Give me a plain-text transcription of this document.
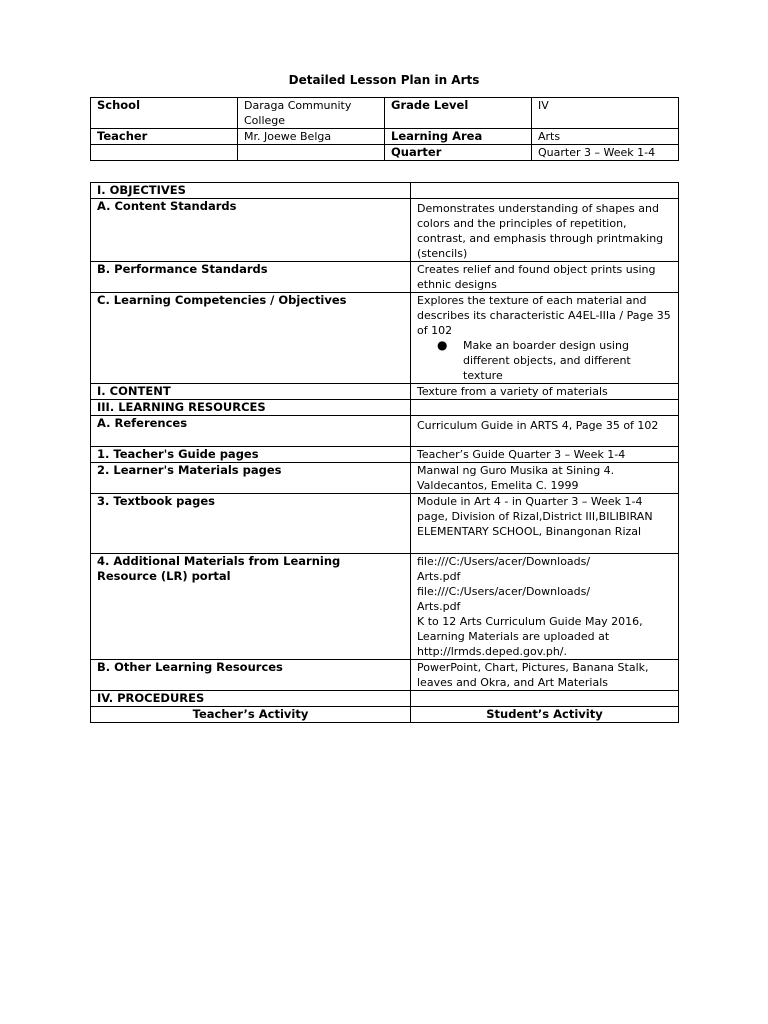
Detailed Lesson Plan in Arts
School	Daraga Community College	Grade Level	IV
Teacher	Mr. Joewe Belga	Learning Area	Arts
		Quarter	Quarter 3 – Week 1-4
I. OBJECTIVES	
A. Content Standards	Demonstrates understanding of shapes and colors and the principles of repetition, contrast, and emphasis through printmaking (stencils)
B. Performance Standards	Creates relief and found object prints using ethnic designs
C. Learning Competencies / Objectives	Explores the texture of each material and describes its characteristic A4EL-IIIa / Page 35 of 102
● Make an boarder design using different objects, and different texture

I. CONTENT	Texture from a variety of materials
III. LEARNING RESOURCES	
A. References	Curriculum Guide in ARTS 4, Page 35 of 102
1. Teacher's Guide pages	Teacher’s Guide Quarter 3 – Week 1-4
2. Learner's Materials pages	Manwal ng Guro Musika at Sining 4. Valdecantos, Emelita C. 1999
3. Textbook pages	Module in Art 4 - in Quarter 3 – Week 1-4 page, Division of Rizal,District III,BILIBIRAN
ELEMENTARY SCHOOL, Binangonan Rizal

4. Additional Materials from Learning Resource (LR) portal	file:///C:/Users/acer/Downloads/
Arts.pdf
file:///C:/Users/acer/Downloads/
Arts.pdf
K to 12 Arts Curriculum Guide May 2016, Learning Materials are uploaded at http://lrmds.deped.gov.ph/.

B. Other Learning Resources	PowerPoint, Chart, Pictures, Banana Stalk, leaves and Okra, and Art Materials
IV. PROCEDURES	
Teacher’s Activity	Student’s Activity
